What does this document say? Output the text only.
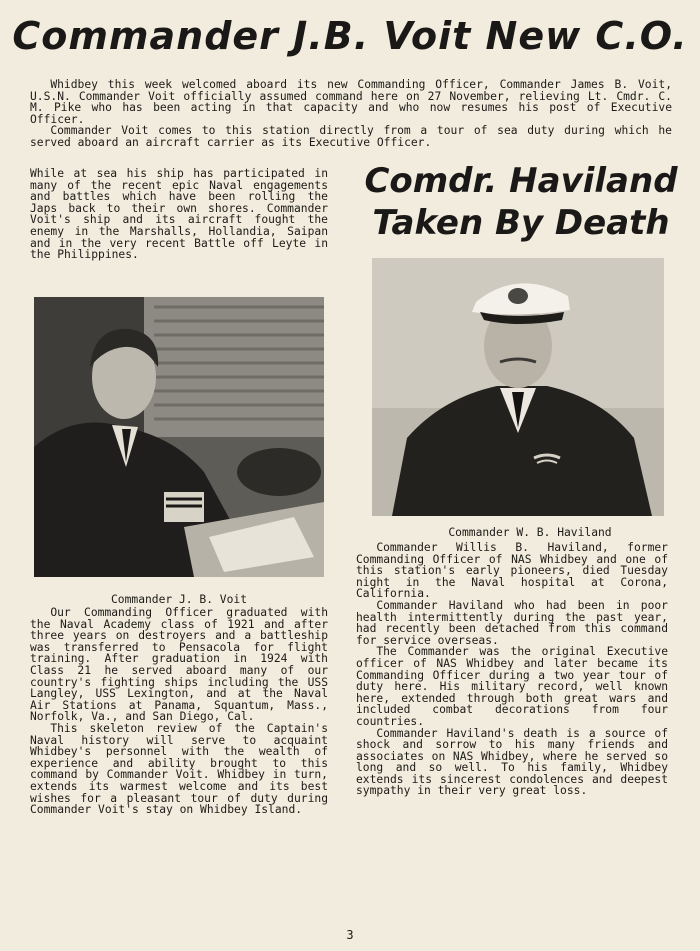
Commander J.B. Voit New C.O.

Whidbey this week welcomed aboard its new Commanding Officer, Commander James B. Voit, U.S.N. Commander Voit officially assumed command here on 27 November, relieving Lt. Cmdr. C. M. Pike who has been acting in that capacity and who now resumes his post of Executive Officer.

Commander Voit comes to this station directly from a tour of sea duty during which he served aboard an aircraft carrier as its Executive Officer.

While at sea his ship has participated in many of the recent epic Naval engagements and battles which have been rolling the Japs back to their own shores. Commander Voit's ship and its aircraft fought the enemy in the Marshalls, Hollandia, Saipan and in the very recent Battle off Leyte in the Philippines.

Comdr. Haviland
Taken By Death

Commander J. B. Voit

Our Commanding Officer graduated with the Naval Academy class of 1921 and after three years on destroyers and a battleship was transferred to Pensacola for flight training. After graduation in 1924 with Class 21 he served aboard many of our country's fighting ships including the USS Langley, USS Lexington, and at the Naval Air Stations at Panama, Squantum, Mass., Norfolk, Va., and San Diego, Cal.

This skeleton review of the Captain's Naval history will serve to acquaint Whidbey's personnel with the wealth of experience and ability brought to this command by Commander Voit. Whidbey in turn, extends its warmest welcome and its best wishes for a pleasant tour of duty during Commander Voit's stay on Whidbey Island.

Commander W. B. Haviland

Commander Willis B. Haviland, former Commanding Officer of NAS Whidbey and one of this station's early pioneers, died Tuesday night in the Naval hospital at Corona, California.

Commander Haviland who had been in poor health intermittently during the past year, had recently been detached from this command for service overseas.

The Commander was the original Executive officer of NAS Whidbey and later became its Commanding Officer during a two year tour of duty here. His military record, well known here, extended through both great wars and included combat decorations from four countries.

Commander Haviland's death is a source of shock and sorrow to his many friends and associates on NAS Whidbey, where he served so long and so well. To his family, Whidbey extends its sincerest condolences and deepest sympathy in their very great loss.

3
